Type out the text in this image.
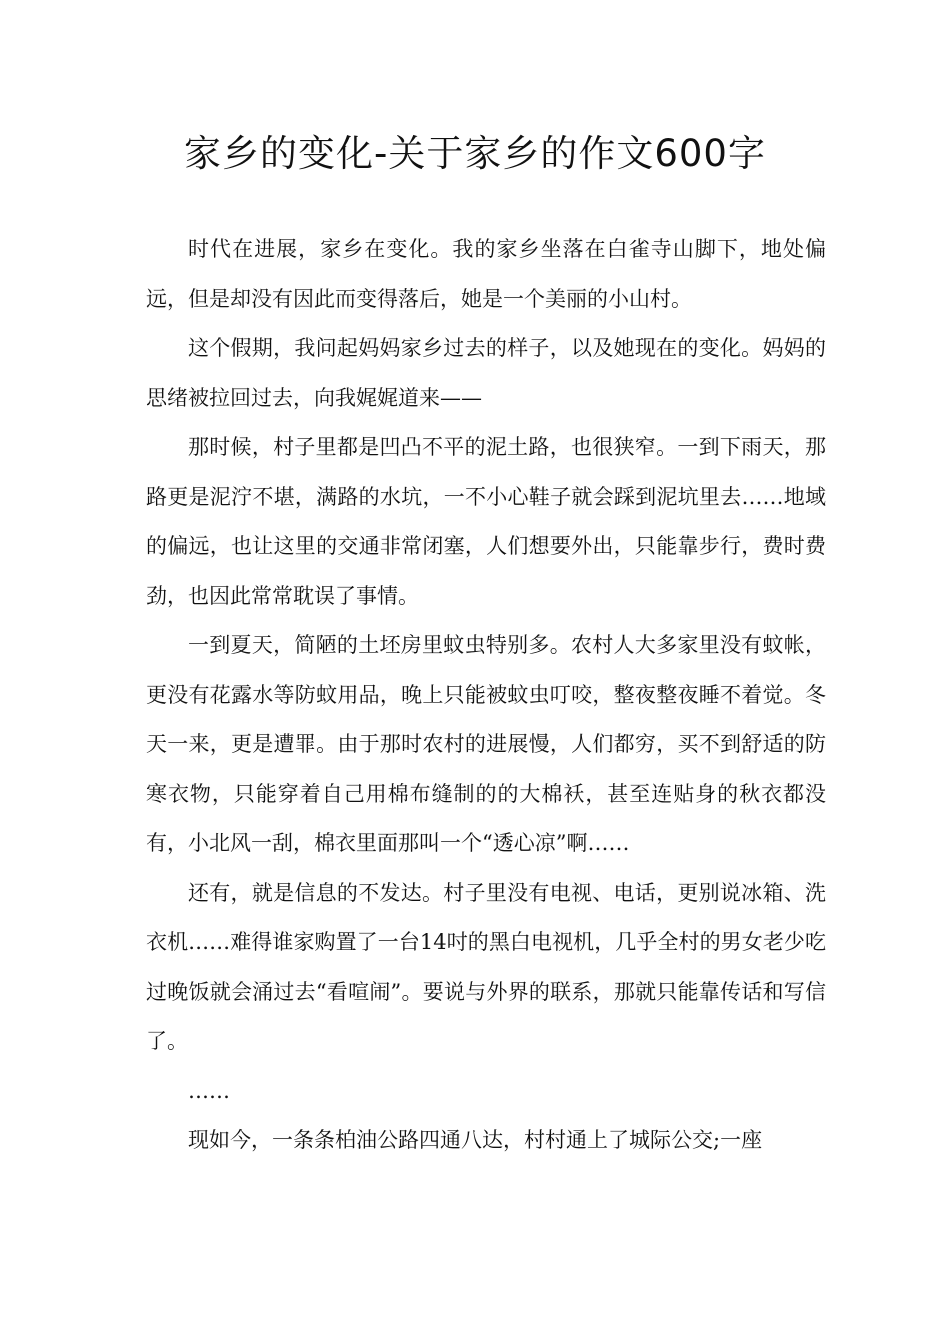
家乡的变化-关于家乡的作文600字

时代在进展，家乡在变化。我的家乡坐落在白雀寺山脚下，地处偏远，但是却没有因此而变得落后，她是一个美丽的小山村。

这个假期，我问起妈妈家乡过去的样子，以及她现在的变化。妈妈的思绪被拉回过去，向我娓娓道来——

那时候，村子里都是凹凸不平的泥土路，也很狭窄。一到下雨天，那路更是泥泞不堪，满路的水坑，一不小心鞋子就会踩到泥坑里去……地域的偏远，也让这里的交通非常闭塞，人们想要外出，只能靠步行，费时费劲，也因此常常耽误了事情。

一到夏天，简陋的土坯房里蚊虫特别多。农村人大多家里没有蚊帐，更没有花露水等防蚊用品，晚上只能被蚊虫叮咬，整夜整夜睡不着觉。冬天一来，更是遭罪。由于那时农村的进展慢，人们都穷，买不到舒适的防寒衣物，只能穿着自己用棉布缝制的的大棉袄，甚至连贴身的秋衣都没有，小北风一刮，棉衣里面那叫一个“透心凉”啊……

还有，就是信息的不发达。村子里没有电视、电话，更别说冰箱、洗衣机……难得谁家购置了一台14吋的黑白电视机，几乎全村的男女老少吃过晚饭就会涌过去“看喧闹”。要说与外界的联系，那就只能靠传话和写信了。

……

现如今，一条条柏油公路四通八达，村村通上了城际公交;一座
